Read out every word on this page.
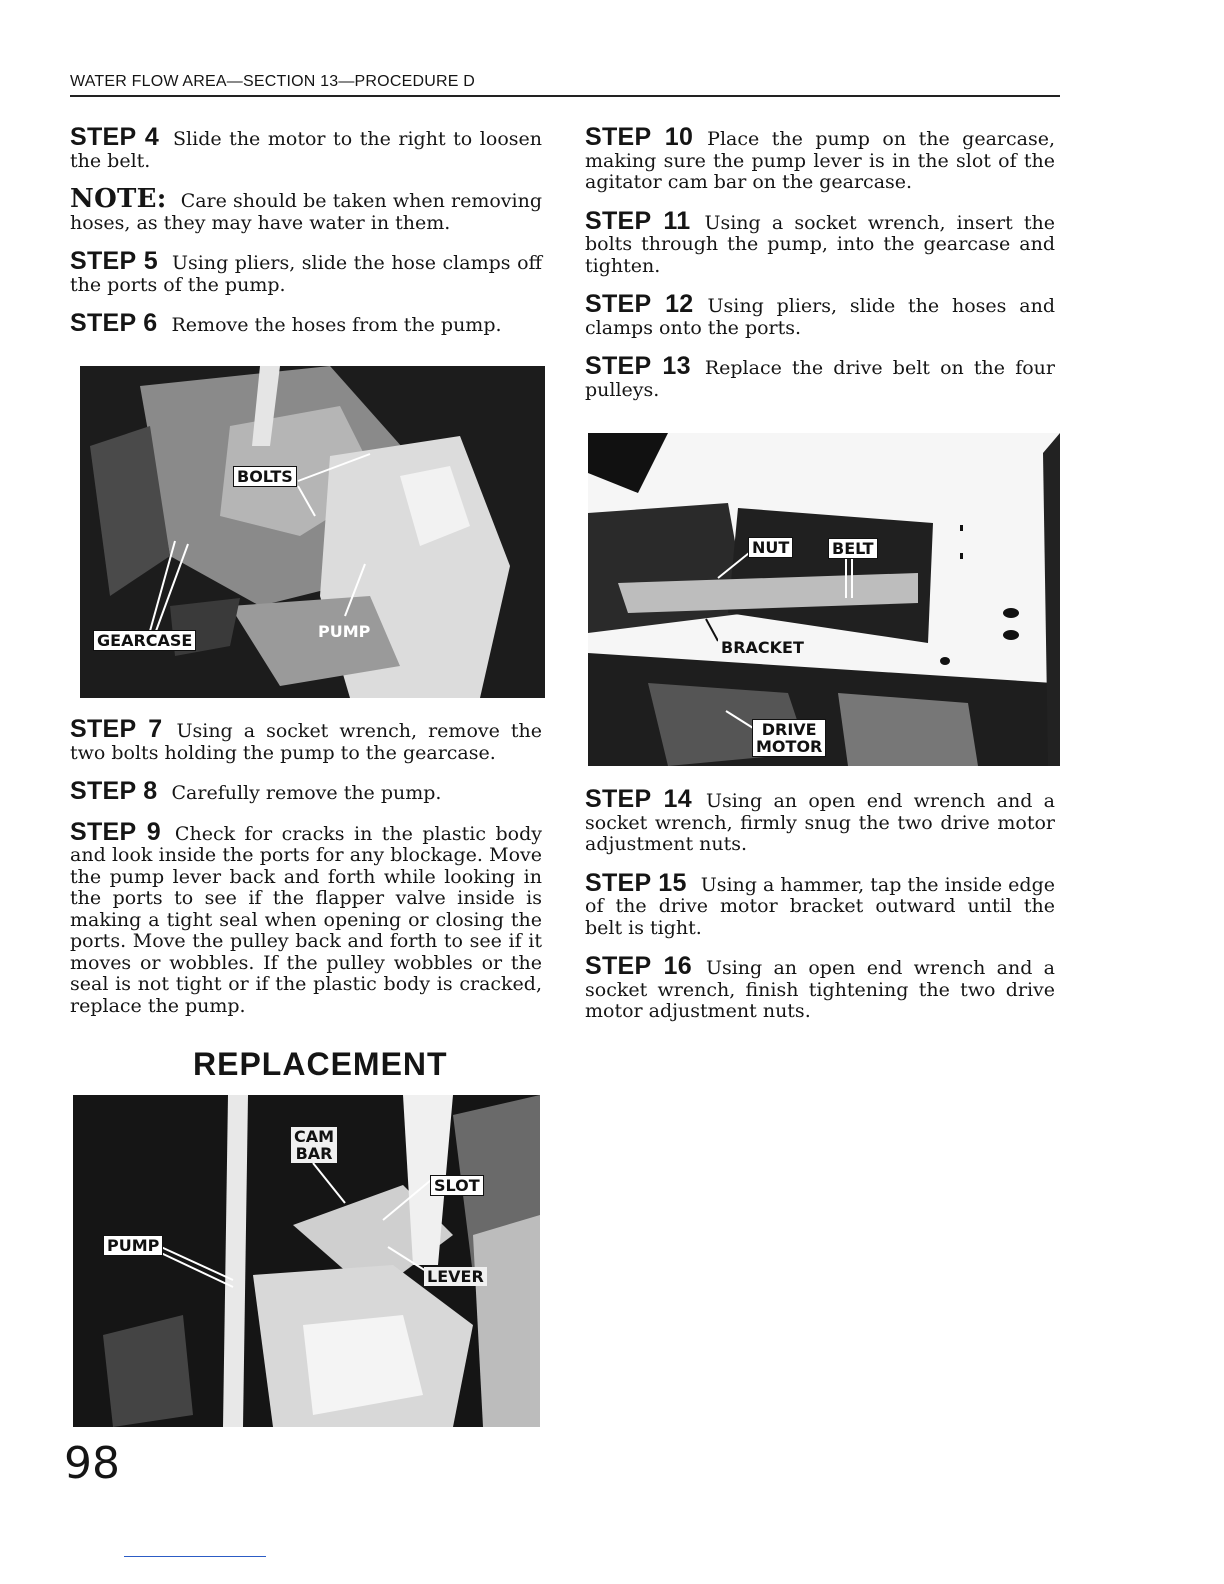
WATER FLOW AREA—SECTION 13—PROCEDURE D

STEP 4 Slide the motor to the right to loosen the belt.

NOTE: Care should be taken when removing hoses, as they may have water in them.

STEP 5 Using pliers, slide the hose clamps off the ports of the pump.

STEP 6 Remove the hoses from the pump.

BOLTS
GEARCASE	PUMP

STEP 7 Using a socket wrench, remove the two bolts holding the pump to the gearcase.

STEP 8 Carefully remove the pump.

STEP 9 Check for cracks in the plastic body and look inside the ports for any blockage. Move the pump lever back and forth while looking in the ports to see if the flapper valve inside is making a tight seal when opening or closing the ports. Move the pulley back and forth to see if it moves or wobbles. If the pulley wobbles or the seal is not tight or if the plastic body is cracked, replace the pump.

REPLACEMENT
CAM
BAR
SLOT
PUMP
LEVER

STEP 10 Place the pump on the gearcase, making sure the pump lever is in the slot of the agitator cam bar on the gearcase.

STEP 11 Using a socket wrench, insert the bolts through the pump, into the gearcase and tighten.

STEP 12 Using pliers, slide the hoses and clamps onto the ports.

STEP 13 Replace the drive belt on the four pulleys.

NUT	BELT
BRACKET
DRIVE
MOTOR

STEP 14 Using an open end wrench and a socket wrench, firmly snug the two drive motor adjustment nuts.

STEP 15 Using a hammer, tap the inside edge of the drive motor bracket outward until the belt is tight.

STEP 16 Using an open end wrench and a socket wrench, finish tightening the two drive motor adjustment nuts.

98
